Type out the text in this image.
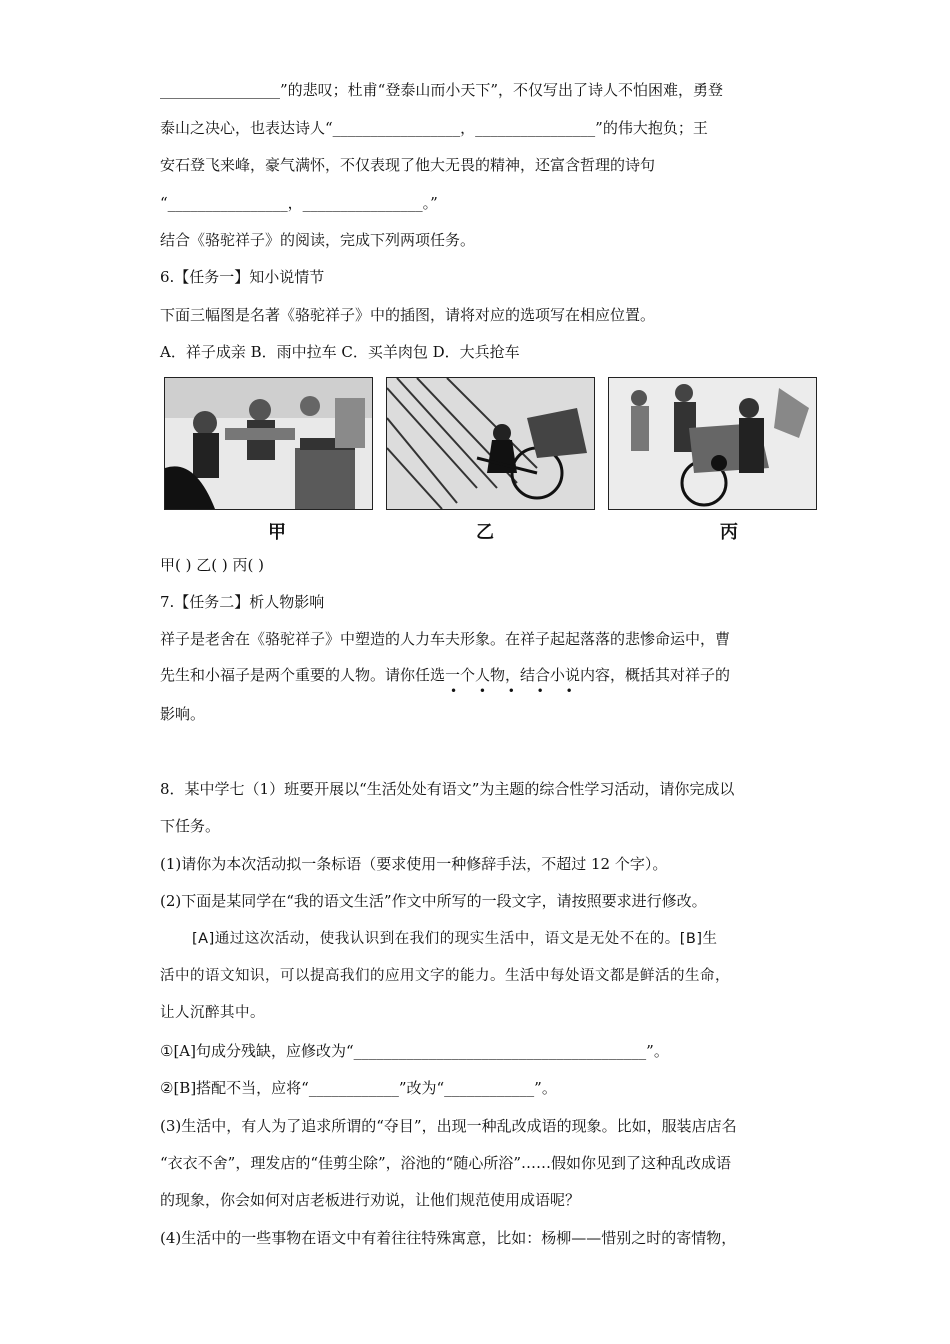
________________”的悲叹；杜甫“登泰山而小天下”，不仅写出了诗人不怕困难，勇登
泰山之决心，也表达诗人“_________________，________________”的伟大抱负；王
安石登飞来峰，豪气满怀，不仅表现了他大无畏的精神，还富含哲理的诗句
“________________，________________。”
结合《骆驼祥子》的阅读，完成下列两项任务。
6.【任务一】知小说情节
下面三幅图是名著《骆驼祥子》中的插图，请将对应的选项写在相应位置。
A．祥子成亲 B．雨中拉车 C．买羊肉包 D．大兵抢车
甲	乙	丙
甲( ) 乙( ) 丙( )
7.【任务二】析人物影响
祥子是老舍在《骆驼祥子》中塑造的人力车夫形象。在祥子起起落落的悲惨命运中，曹
先生和小福子是两个重要的人物。请你任选一个人物，结合小说内容，概括其对祥子的
• • • • •
影响。
8．某中学七（1）班要开展以“生活处处有语文”为主题的综合性学习活动，请你完成以
下任务。
(1)请你为本次活动拟一条标语（要求使用一种修辞手法，不超过 12 个字）。
(2)下面是某同学在“我的语文生活”作文中所写的一段文字，请按照要求进行修改。
[A]通过这次活动，使我认识到在我们的现实生活中，语文是无处不在的。[B]生
活中的语文知识，可以提高我们的应用文字的能力。生活中每处语文都是鲜活的生命，
让人沉醉其中。
①[A]句成分残缺，应修改为“_______________________________________”。
②[B]搭配不当，应将“____________”改为“____________”。
(3)生活中，有人为了追求所谓的“夺目”，出现一种乱改成语的现象。比如，服装店店名
“衣衣不舍”，理发店的“佳剪尘除”，浴池的“随心所浴”……假如你见到了这种乱改成语
的现象，你会如何对店老板进行劝说，让他们规范使用成语呢？
(4)生活中的一些事物在语文中有着往往特殊寓意，比如：杨柳——惜别之时的寄情物，
